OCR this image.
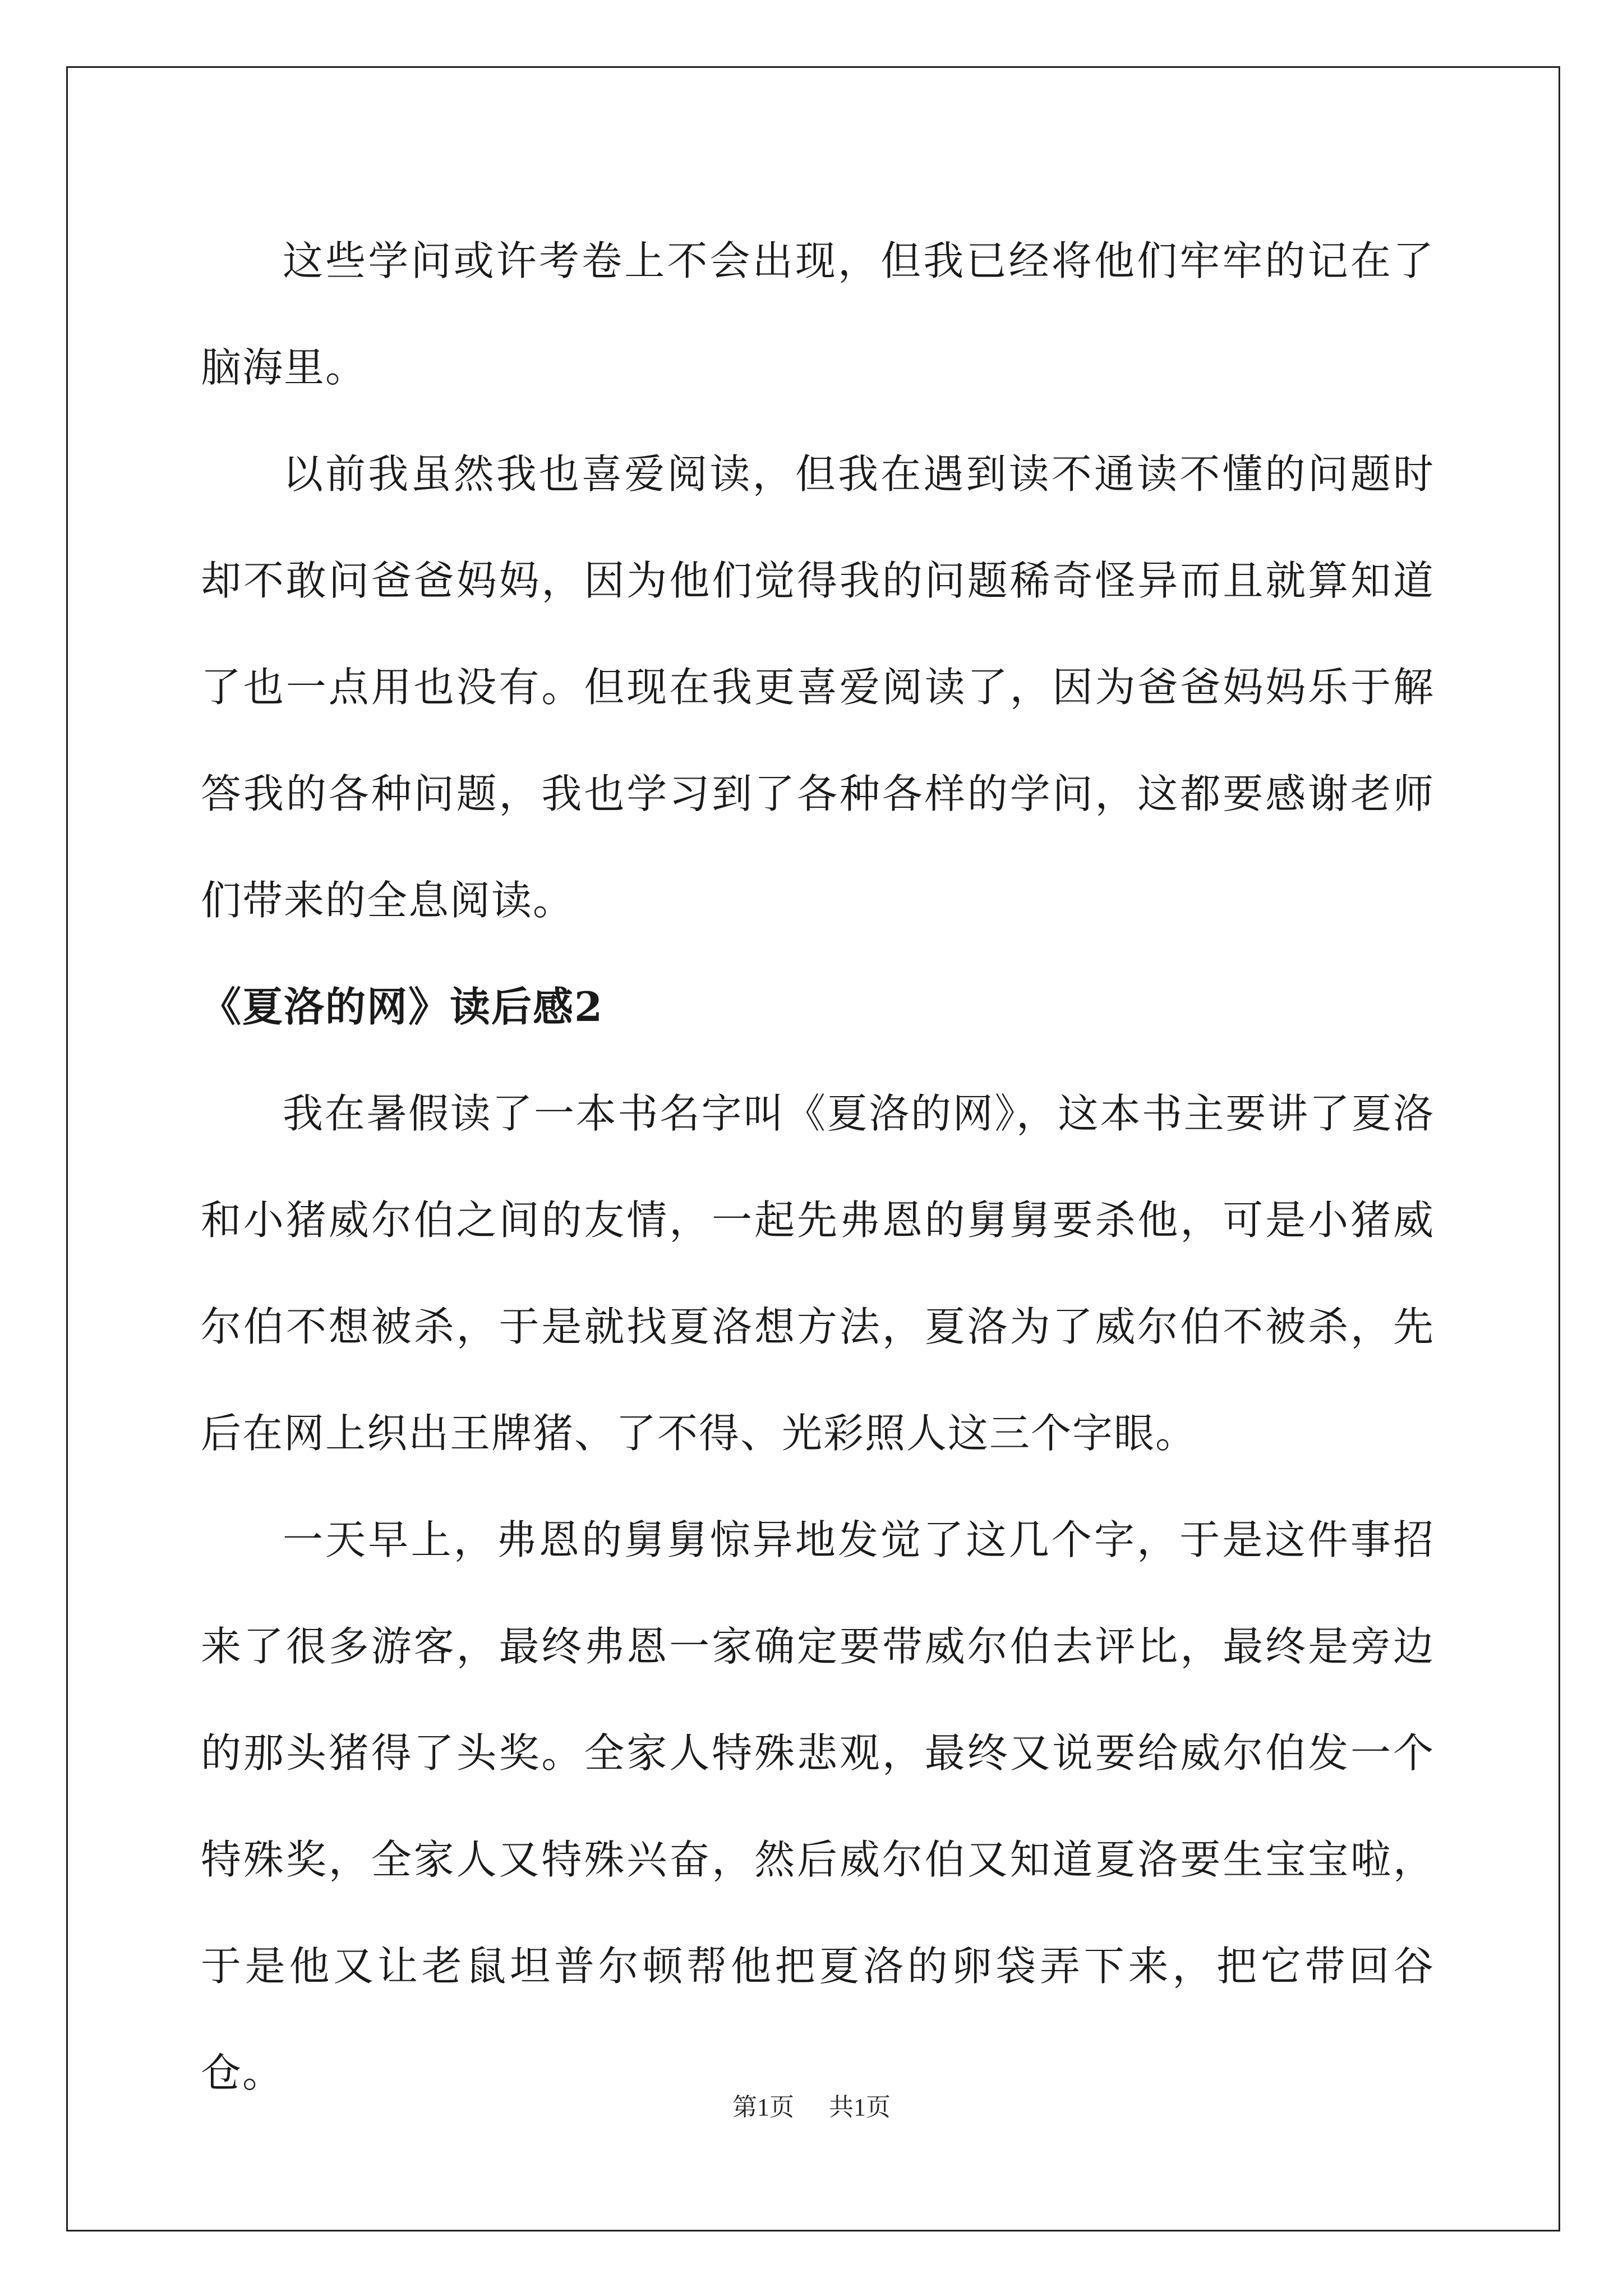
这些学问或许考卷上不会出现，但我已经将他们牢牢的记在了脑海里。

以前我虽然我也喜爱阅读，但我在遇到读不通读不懂的问题时却不敢问爸爸妈妈，因为他们觉得我的问题稀奇怪异而且就算知道了也一点用也没有。但现在我更喜爱阅读了，因为爸爸妈妈乐于解答我的各种问题，我也学习到了各种各样的学问，这都要感谢老师们带来的全息阅读。

《夏洛的网》读后感2

我在暑假读了一本书名字叫《夏洛的网》，这本书主要讲了夏洛和小猪威尔伯之间的友情，一起先弗恩的舅舅要杀他，可是小猪威尔伯不想被杀，于是就找夏洛想方法，夏洛为了威尔伯不被杀，先后在网上织出王牌猪、了不得、光彩照人这三个字眼。

一天早上，弗恩的舅舅惊异地发觉了这几个字，于是这件事招来了很多游客，最终弗恩一家确定要带威尔伯去评比，最终是旁边的那头猪得了头奖。全家人特殊悲观，最终又说要给威尔伯发一个特殊奖，全家人又特殊兴奋，然后威尔伯又知道夏洛要生宝宝啦，于是他又让老鼠坦普尔顿帮他把夏洛的卵袋弄下来，把它带回谷仓。

第1页 共1页
